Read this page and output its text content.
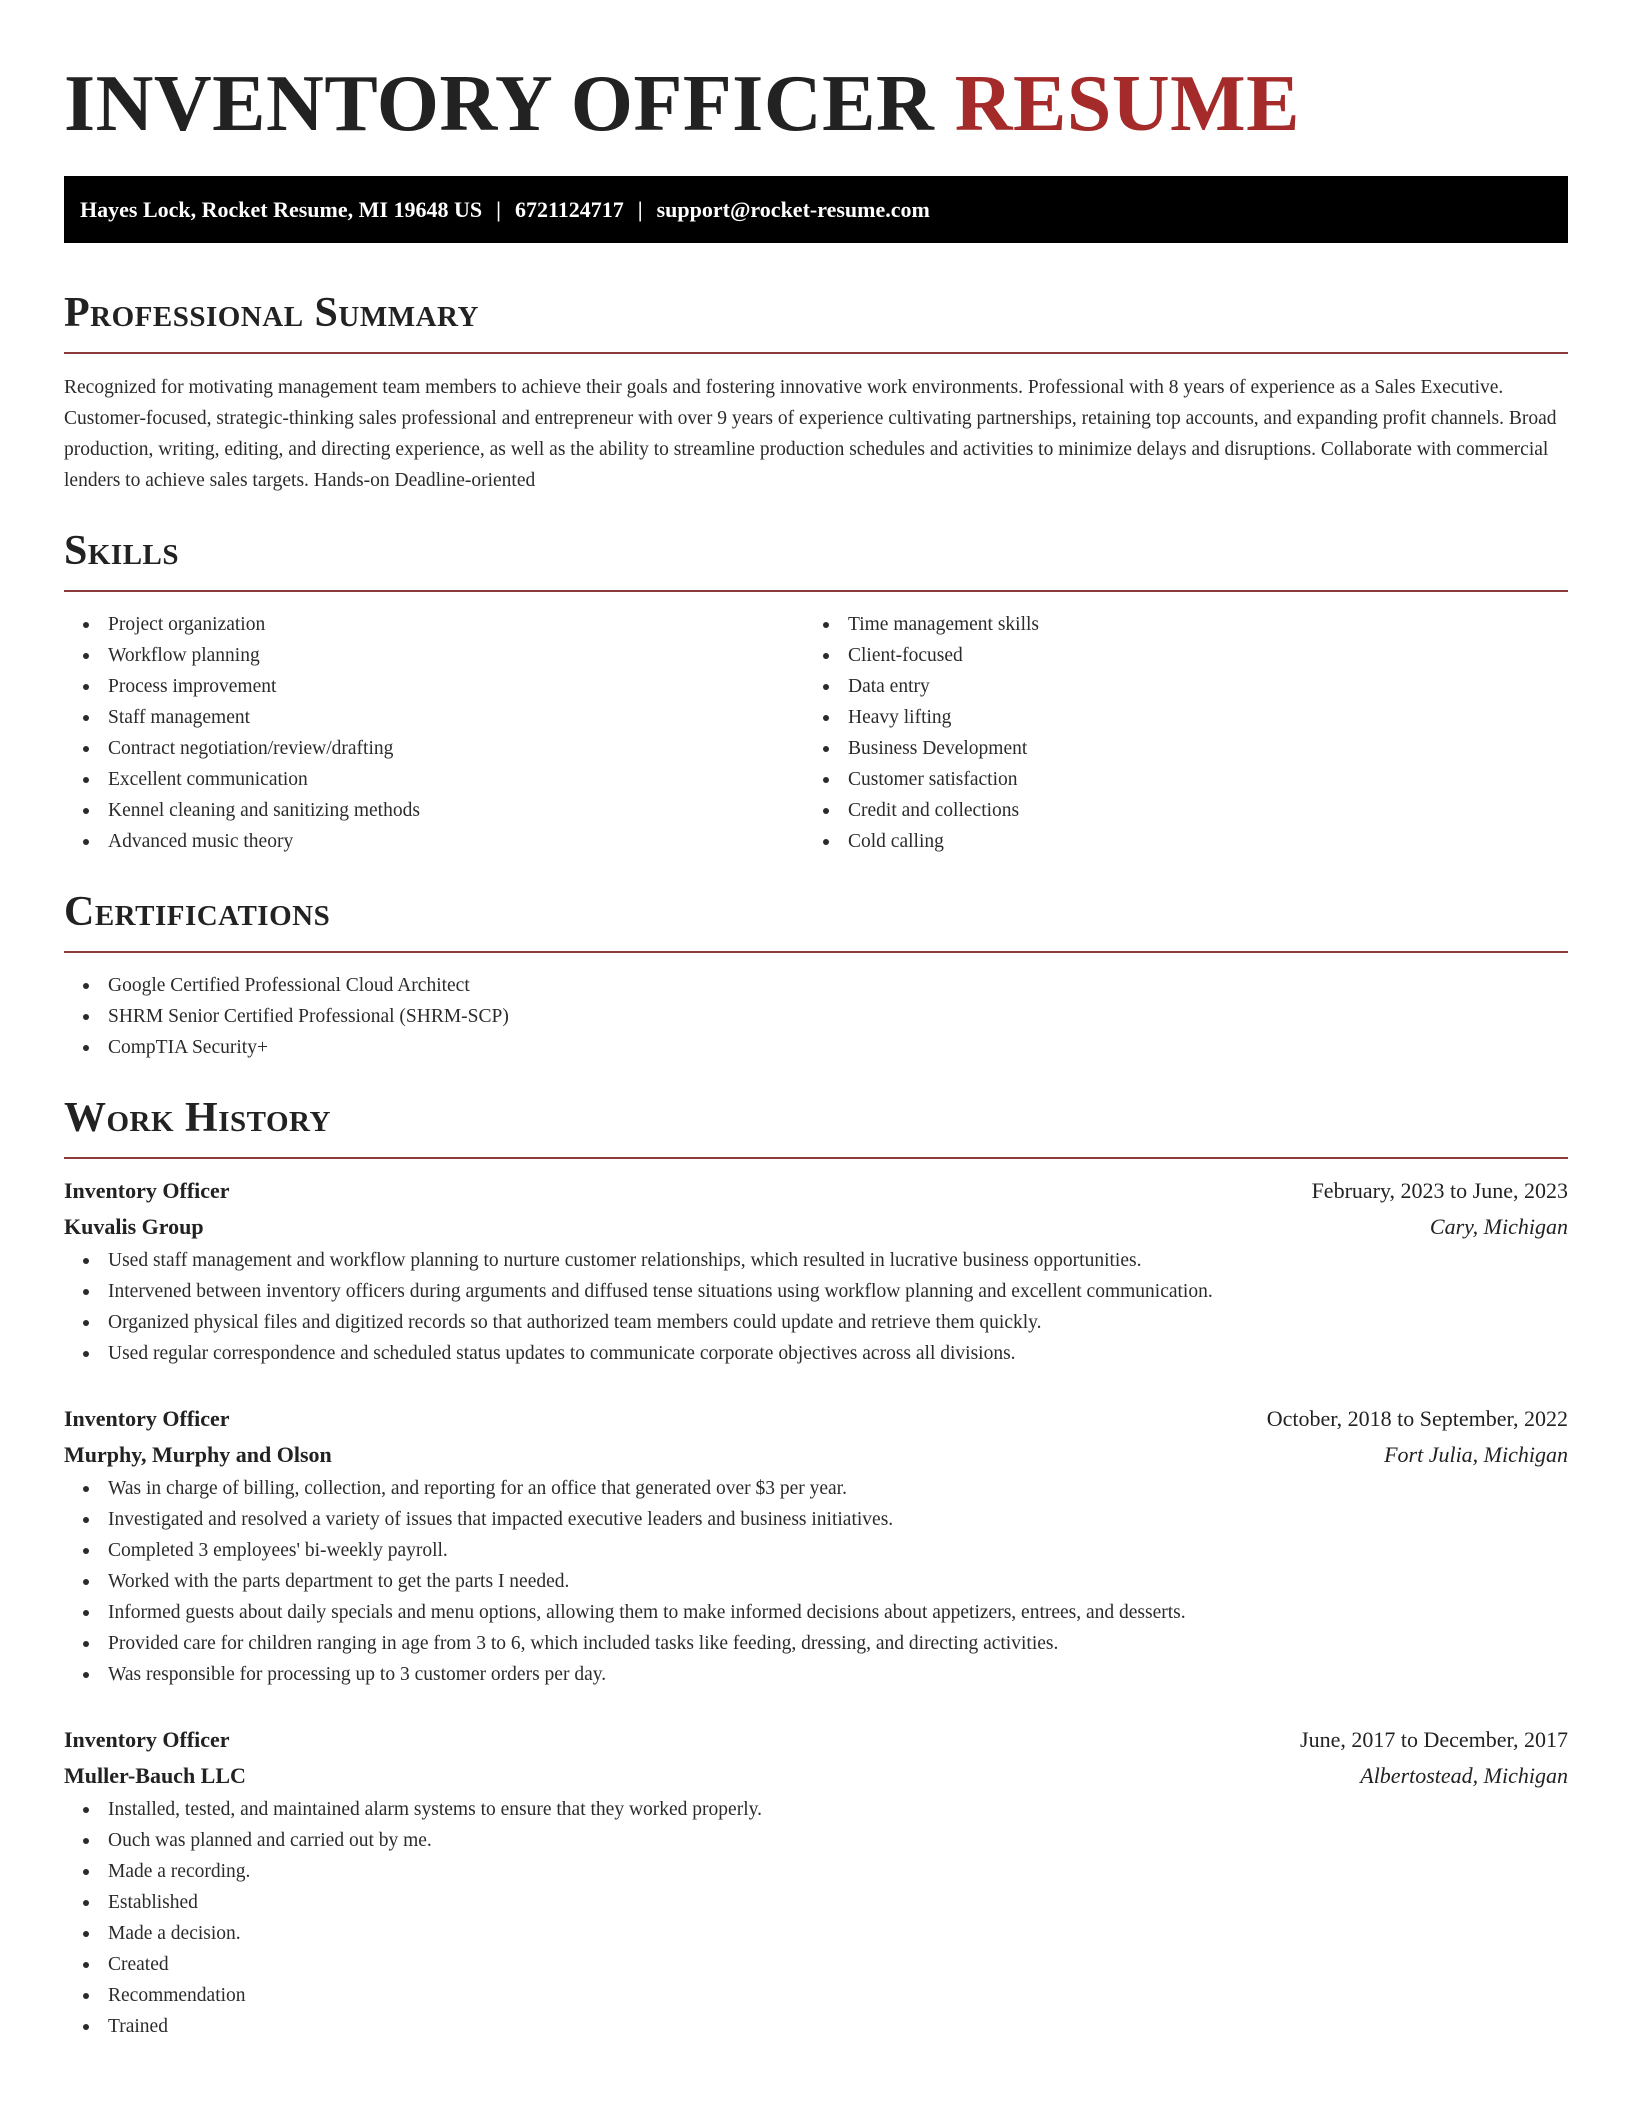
INVENTORY OFFICER RESUME
Hayes Lock, Rocket Resume, MI 19648 US | 6721124717 | support@rocket-resume.com
Professional Summary

Recognized for motivating management team members to achieve their goals and fostering innovative work environments. Professional with 8 years of experience as a Sales Executive. Customer-focused, strategic-thinking sales professional and entrepreneur with over 9 years of experience cultivating partnerships, retaining top accounts, and expanding profit channels. Broad production, writing, editing, and directing experience, as well as the ability to streamline production schedules and activities to minimize delays and disruptions. Collaborate with commercial lenders to achieve sales targets. Hands-on Deadline-oriented

Skills
Project organization
Workflow planning
Process improvement
Staff management
Contract negotiation/review/drafting
Excellent communication
Kennel cleaning and sanitizing methods
Advanced music theory
Time management skills
Client-focused
Data entry
Heavy lifting
Business Development
Customer satisfaction
Credit and collections
Cold calling
Certifications
Google Certified Professional Cloud Architect
SHRM Senior Certified Professional (SHRM-SCP)
CompTIA Security+
Work History
Inventory Officer	February, 2023 to June, 2023
Kuvalis Group	Cary, Michigan
Used staff management and workflow planning to nurture customer relationships, which resulted in lucrative business opportunities.
Intervened between inventory officers during arguments and diffused tense situations using workflow planning and excellent communication.
Organized physical files and digitized records so that authorized team members could update and retrieve them quickly.
Used regular correspondence and scheduled status updates to communicate corporate objectives across all divisions.
Inventory Officer	October, 2018 to September, 2022
Murphy, Murphy and Olson	Fort Julia, Michigan
Was in charge of billing, collection, and reporting for an office that generated over $3 per year.
Investigated and resolved a variety of issues that impacted executive leaders and business initiatives.
Completed 3 employees' bi-weekly payroll.
Worked with the parts department to get the parts I needed.
Informed guests about daily specials and menu options, allowing them to make informed decisions about appetizers, entrees, and desserts.
Provided care for children ranging in age from 3 to 6, which included tasks like feeding, dressing, and directing activities.
Was responsible for processing up to 3 customer orders per day.
Inventory Officer	June, 2017 to December, 2017
Muller-Bauch LLC	Albertostead, Michigan
Installed, tested, and maintained alarm systems to ensure that they worked properly.
Ouch was planned and carried out by me.
Made a recording.
Established
Made a decision.
Created
Recommendation
Trained
